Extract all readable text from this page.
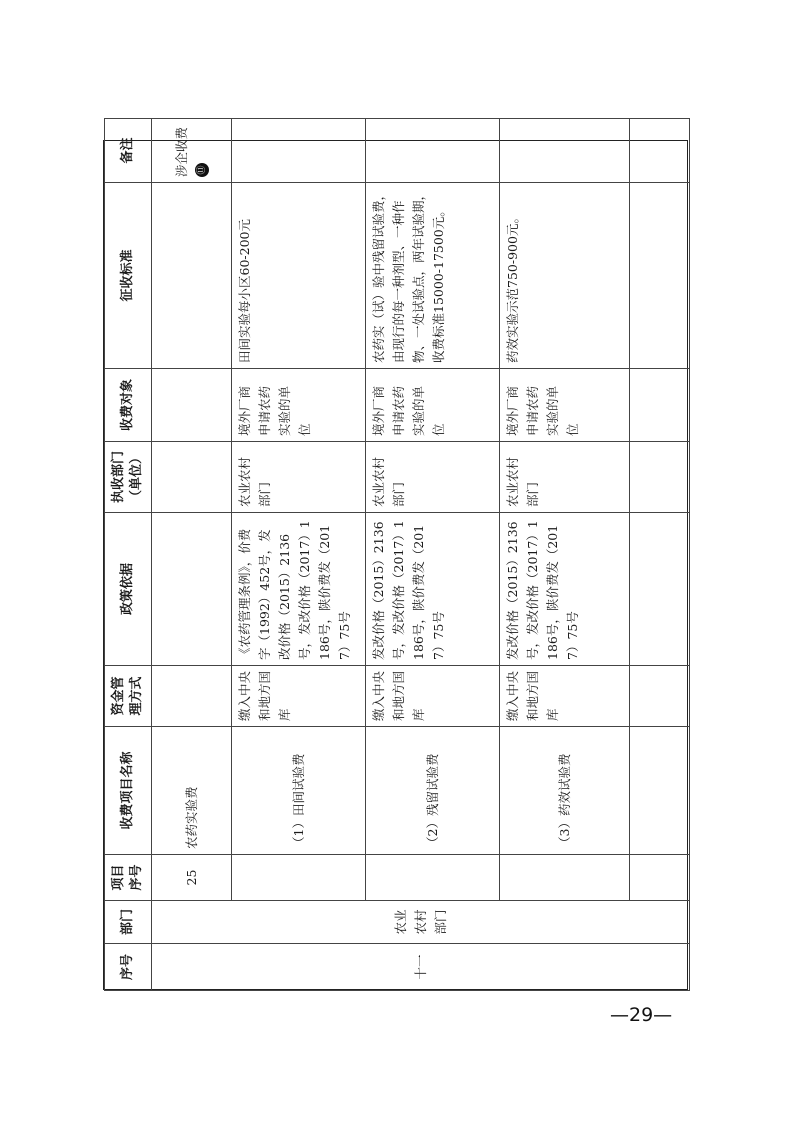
序号	部门	项目序号	收费项目名称	资金管理方式	政策依据	执收部门（单位）	收费对象	征收标准	备注
十一	农业农村部门	25	农药实验费						涉企收费 ⑪
			（1）田间试验费	缴入中央和地方国库	《农药管理条例》，价费字（1992）452号，发改价格（2015）2136号，发改价格（2017）1186号，陕价费发（2017）75号	农业农村部门	境外厂商申请农药实验的单位	田间实验每小区60-200元	
			（2）残留试验费	缴入中央和地方国库	发改价格（2015）2136号，发改价格（2017）1186号，陕价费发（2017）75号	农业农村部门	境外厂商申请农药实验的单位	农药实（试）验中残留试验费，由现行的每一种剂型、一种作物、一处试验点，两年试验期，收费标准15000-17500元。	
			（3）药效试验费	缴入中央和地方国库	发改价格（2015）2136号，发改价格（2017）1186号，陕价费发（2017）75号	农业农村部门	境外厂商申请农药实验的单位	药效实验示范750-900元。	

—29—
